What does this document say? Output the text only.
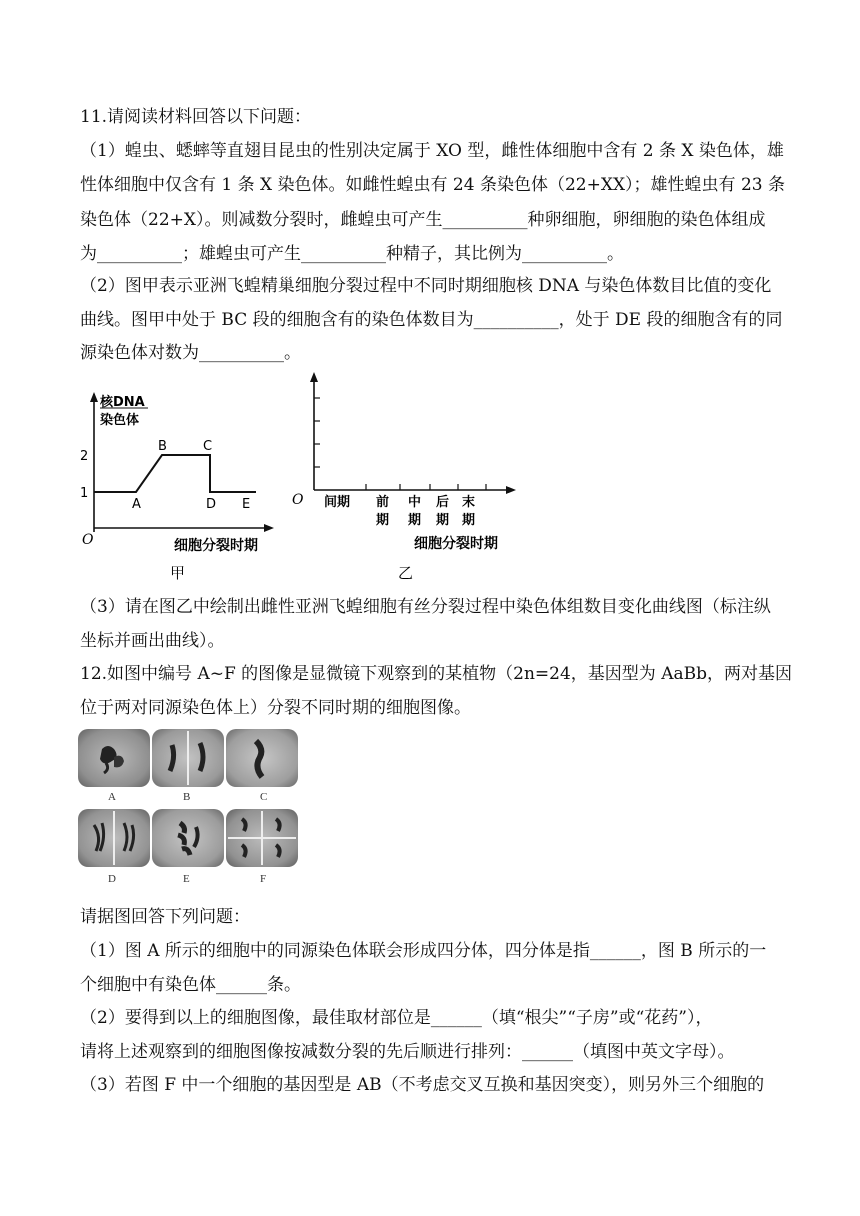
11.请阅读材料回答以下问题：
（1）蝗虫、蟋蟀等直翅目昆虫的性别决定属于 XO 型，雌性体细胞中含有 2 条 X 染色体，雄
性体细胞中仅含有 1 条 X 染色体。如雌性蝗虫有 24 条染色体（22+XX）；雄性蝗虫有 23 条
染色体（22+X）。则减数分裂时，雌蝗虫可产生__________种卵细胞，卵细胞的染色体组成
为__________；雄蝗虫可产生__________种精子，其比例为__________。
（2）图甲表示亚洲飞蝗精巢细胞分裂过程中不同时期细胞核 DNA 与染色体数目比值的变化
曲线。图甲中处于 BC 段的细胞含有的染色体数目为__________，处于 DE 段的细胞含有的同
源染色体对数为__________。
核DNA
染色体
2
1
A
B	C
D E
O	细胞分裂时期
甲
O 间期 前
期
中
期
后
期
末
期
细胞分裂时期
乙
（3）请在图乙中绘制出雌性亚洲飞蝗细胞有丝分裂过程中染色体组数目变化曲线图（标注纵
坐标并画出曲线）。
12.如图中编号 A~F 的图像是显微镜下观察到的某植物（2n=24，基因型为 AaBb，两对基因
位于两对同源染色体上）分裂不同时期的细胞图像。
A	B	C
D	E	F
请据图回答下列问题：
（1）图 A 所示的细胞中的同源染色体联会形成四分体，四分体是指______，图 B 所示的一
个细胞中有染色体______条。
（2）要得到以上的细胞图像，最佳取材部位是______（填“根尖”“子房”或“花药”），
请将上述观察到的细胞图像按减数分裂的先后顺进行排列：______（填图中英文字母）。
（3）若图 F 中一个细胞的基因型是 AB（不考虑交叉互换和基因突变），则另外三个细胞的
